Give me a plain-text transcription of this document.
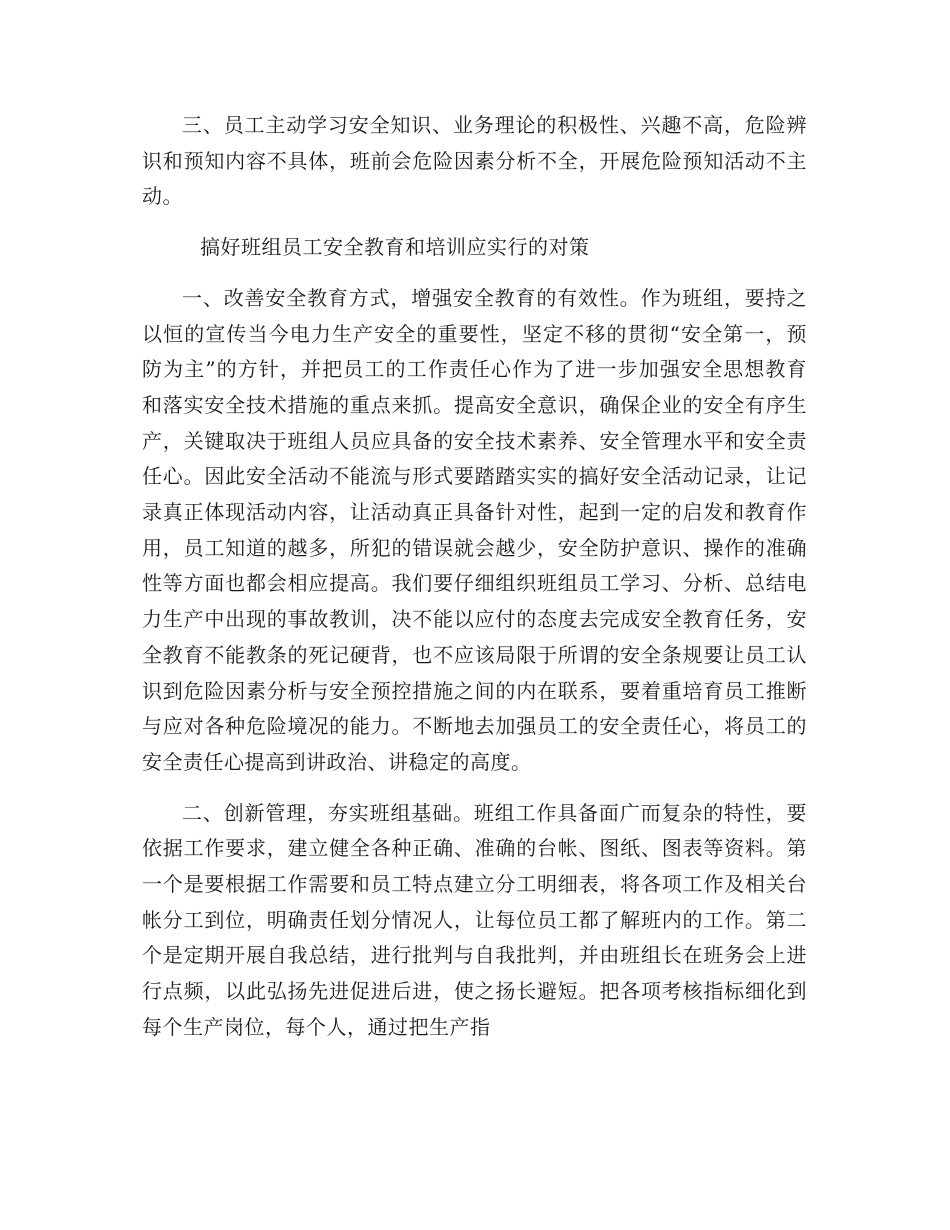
三、员工主动学习安全知识、业务理论的积极性、兴趣不高，危险辨识和预知内容不具体，班前会危险因素分析不全，开展危险预知活动不主动。

搞好班组员工安全教育和培训应实行的对策

一、改善安全教育方式，增强安全教育的有效性。作为班组，要持之以恒的宣传当今电力生产安全的重要性，坚定不移的贯彻“安全第一，预防为主”的方针，并把员工的工作责任心作为了进一步加强安全思想教育和落实安全技术措施的重点来抓。提高安全意识，确保企业的安全有序生产，关键取决于班组人员应具备的安全技术素养、安全管理水平和安全责任心。因此安全活动不能流与形式要踏踏实实的搞好安全活动记录，让记录真正体现活动内容，让活动真正具备针对性，起到一定的启发和教育作用，员工知道的越多，所犯的错误就会越少，安全防护意识、操作的准确性等方面也都会相应提高。我们要仔细组织班组员工学习、分析、总结电力生产中出现的事故教训，决不能以应付的态度去完成安全教育任务，安全教育不能教条的死记硬背，也不应该局限于所谓的安全条规要让员工认识到危险因素分析与安全预控措施之间的内在联系，要着重培育员工推断与应对各种危险境况的能力。不断地去加强员工的安全责任心，将员工的安全责任心提高到讲政治、讲稳定的高度。

二、创新管理，夯实班组基础。班组工作具备面广而复杂的特性，要依据工作要求，建立健全各种正确、准确的台帐、图纸、图表等资料。第一个是要根据工作需要和员工特点建立分工明细表，将各项工作及相关台帐分工到位，明确责任划分情况人，让每位员工都了解班内的工作。第二个是定期开展自我总结，进行批判与自我批判，并由班组长在班务会上进行点频，以此弘扬先进促进后进，使之扬长避短。把各项考核指标细化到每个生产岗位，每个人，通过把生产指
